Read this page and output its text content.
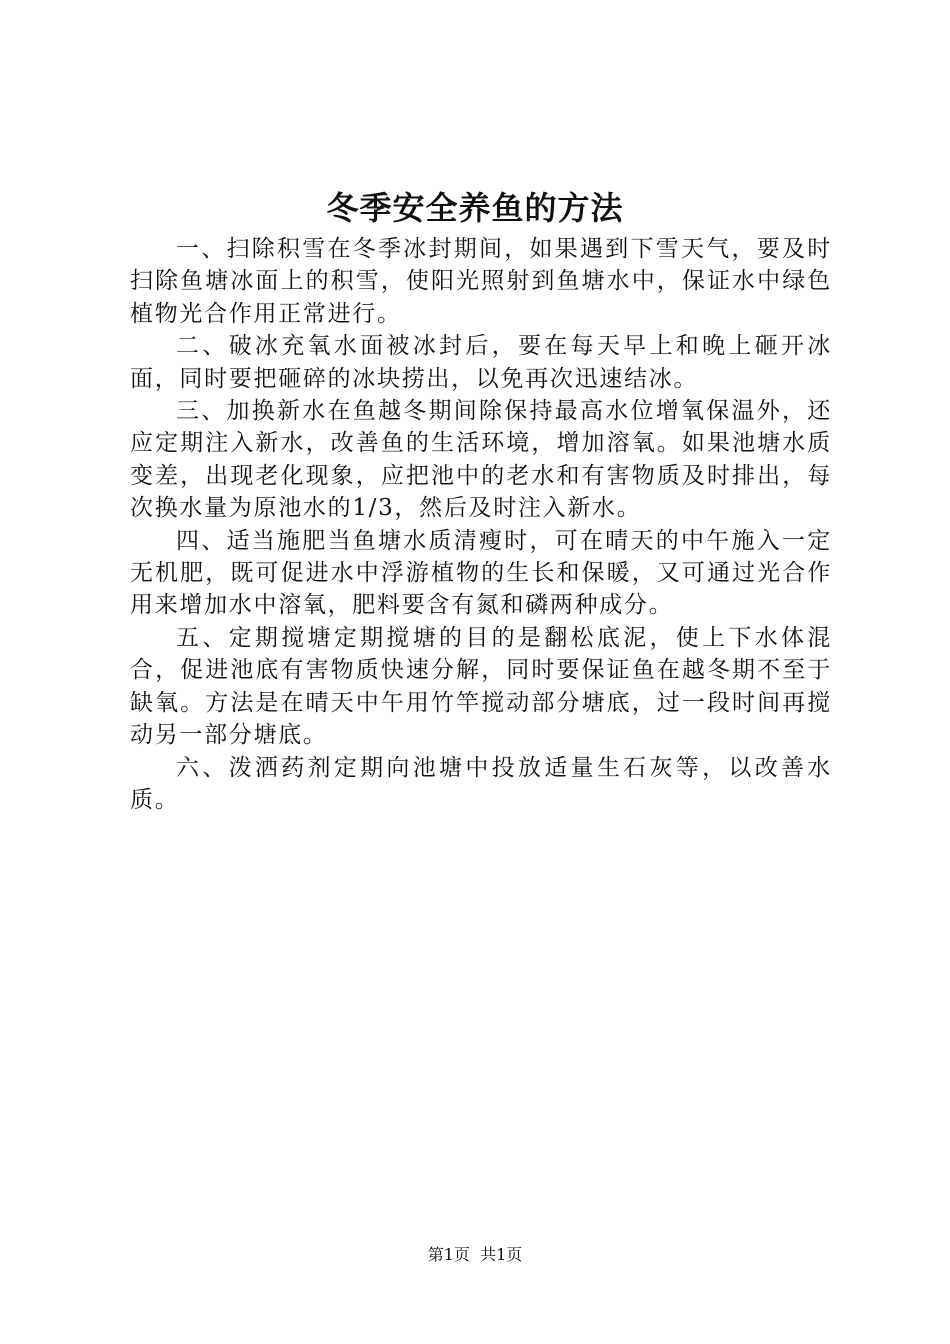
冬季安全养鱼的方法

一、扫除积雪在冬季冰封期间，如果遇到下雪天气，要及时扫除鱼塘冰面上的积雪，使阳光照射到鱼塘水中，保证水中绿色植物光合作用正常进行。

二、破冰充氧水面被冰封后，要在每天早上和晚上砸开冰面，同时要把砸碎的冰块捞出，以免再次迅速结冰。

三、加换新水在鱼越冬期间除保持最高水位增氧保温外，还应定期注入新水，改善鱼的生活环境，增加溶氧。如果池塘水质变差，出现老化现象，应把池中的老水和有害物质及时排出，每次换水量为原池水的1/3，然后及时注入新水。

四、适当施肥当鱼塘水质清瘦时，可在晴天的中午施入一定无机肥，既可促进水中浮游植物的生长和保暖，又可通过光合作用来增加水中溶氧，肥料要含有氮和磷两种成分。

五、定期搅塘定期搅塘的目的是翻松底泥，使上下水体混合，促进池底有害物质快速分解，同时要保证鱼在越冬期不至于缺氧。方法是在晴天中午用竹竿搅动部分塘底，过一段时间再搅动另一部分塘底。

六、泼洒药剂定期向池塘中投放适量生石灰等，以改善水质。

第1页  共1页
